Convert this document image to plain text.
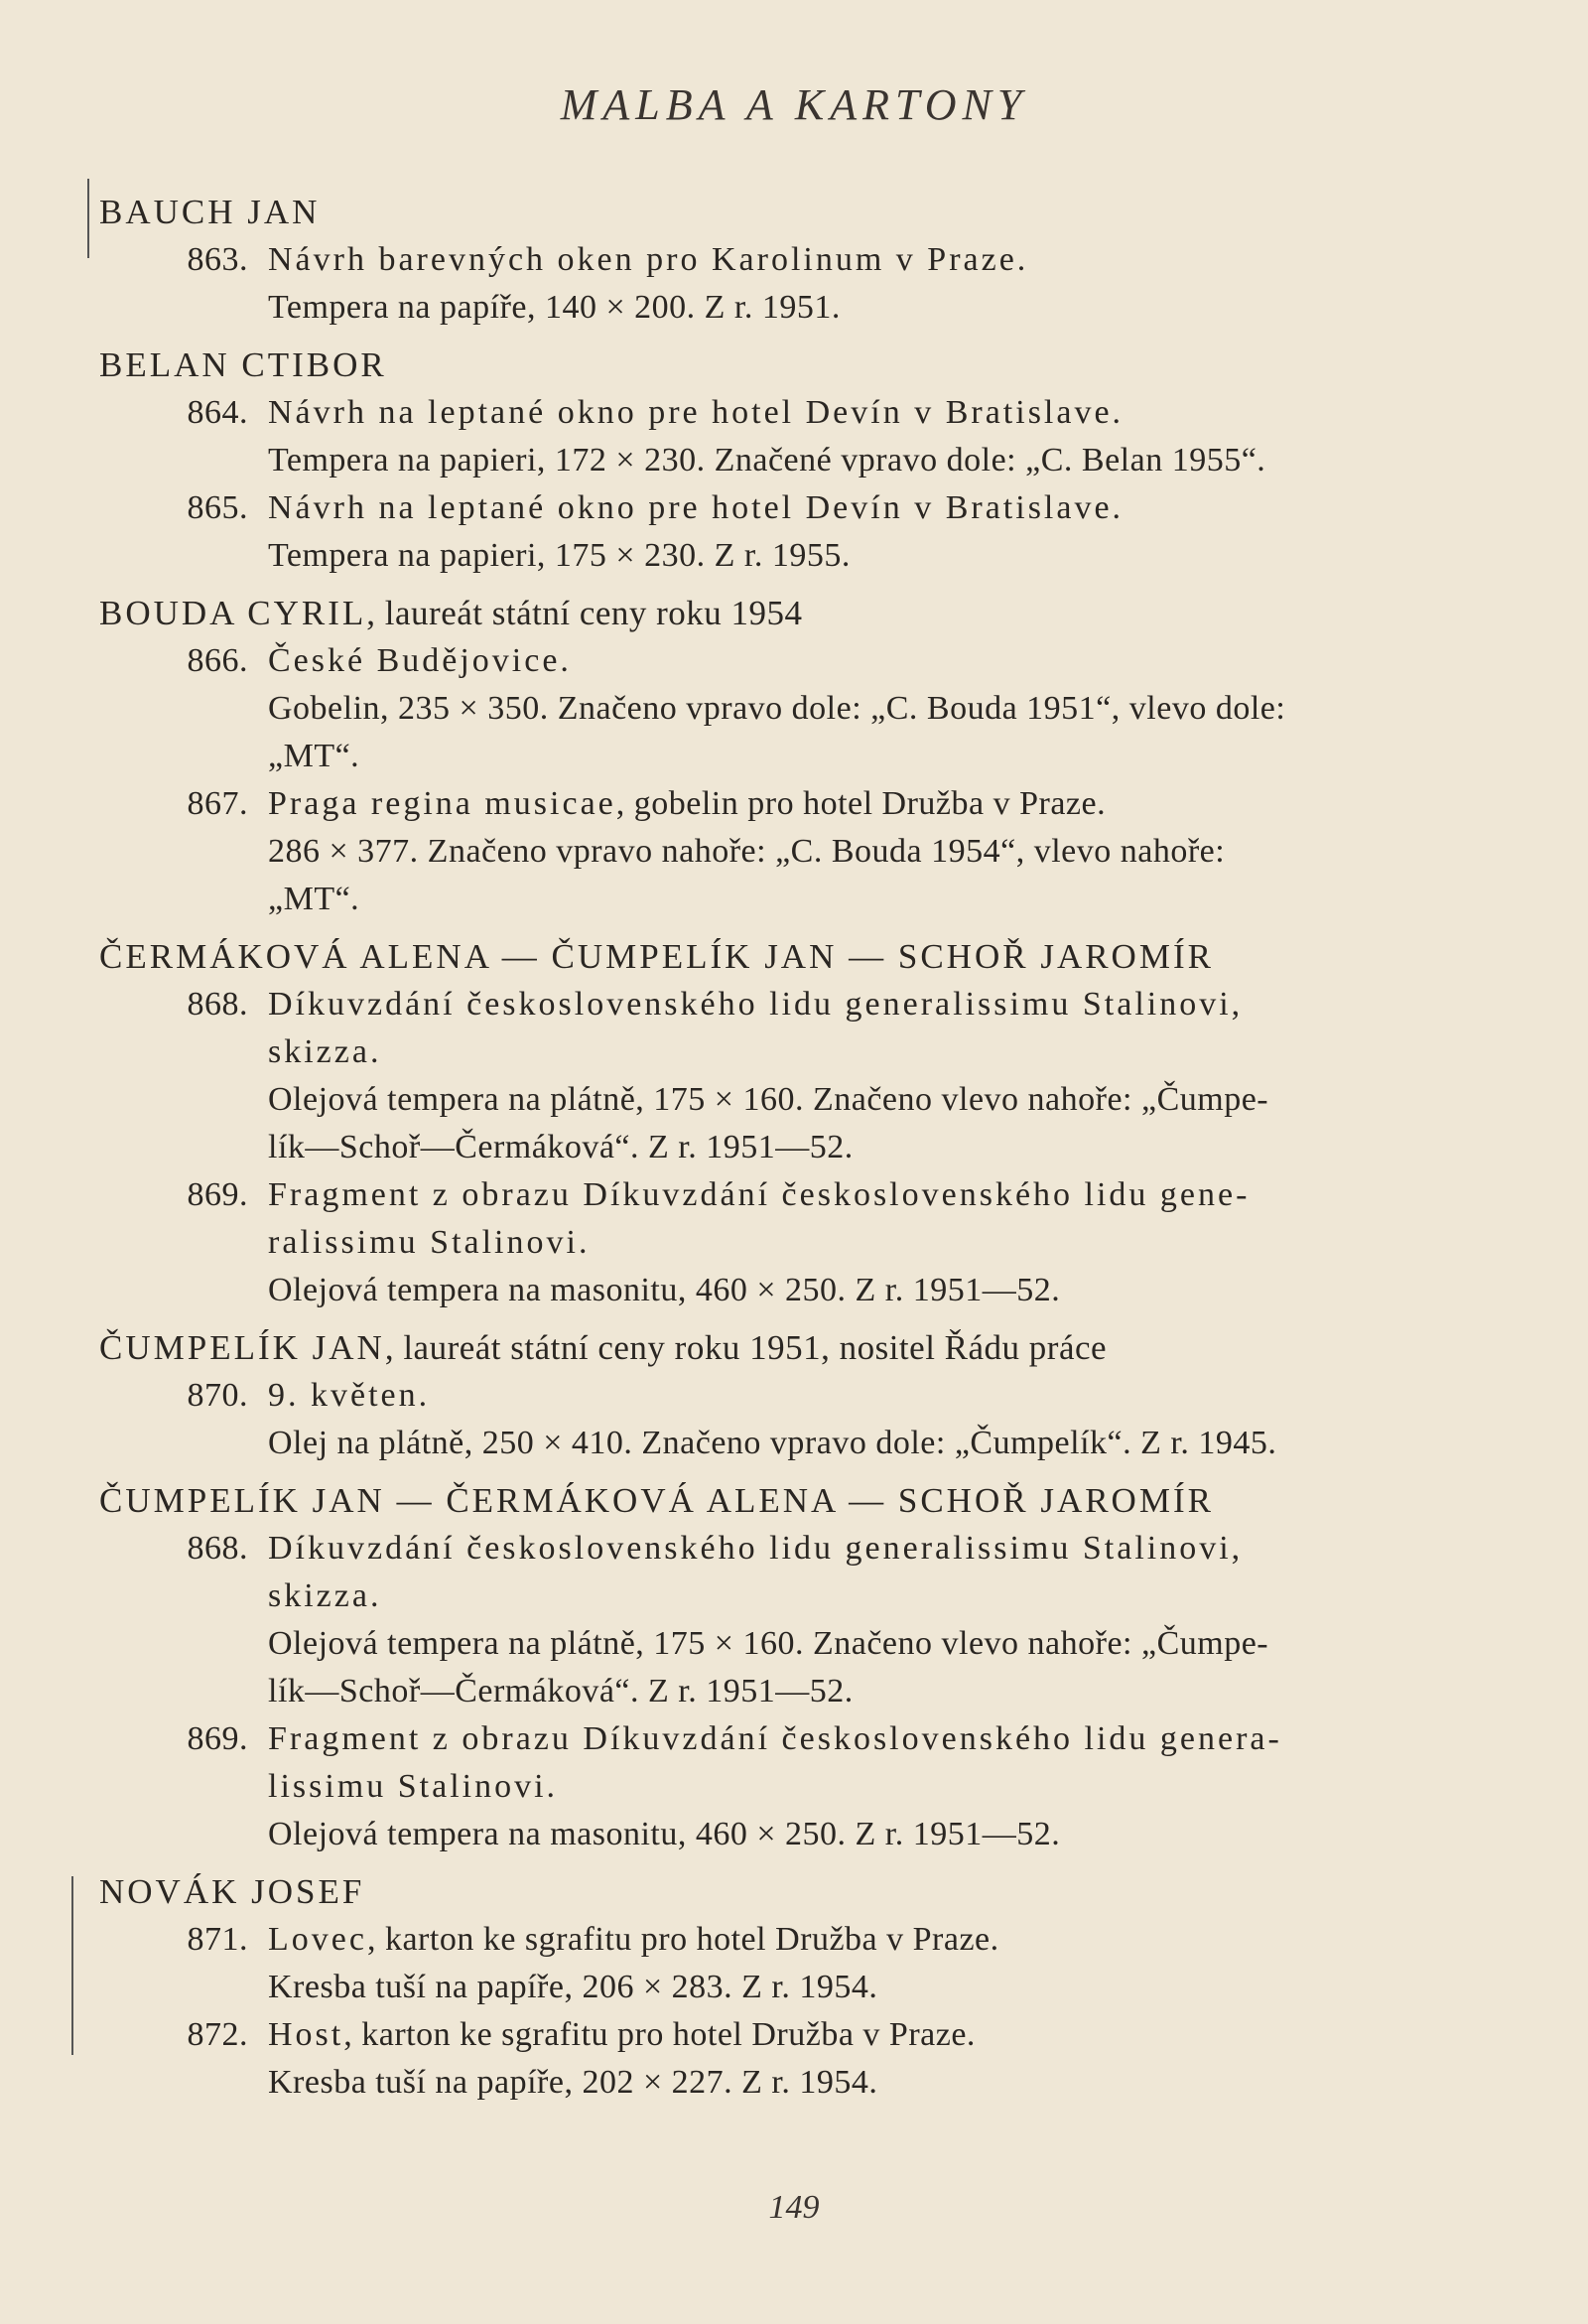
MALBA A KARTONY
BAUCH JAN
863. Návrh barevných oken pro Karolinum v Praze.
Tempera na papíře, 140 × 200. Z r. 1951.
BELAN CTIBOR
864. Návrh na leptané okno pre hotel Devín v Bratislave.
Tempera na papieri, 172 × 230. Značené vpravo dole: „C. Belan 1955“.
865. Návrh na leptané okno pre hotel Devín v Bratislave.
Tempera na papieri, 175 × 230. Z r. 1955.
BOUDA CYRIL, laureát státní ceny roku 1954
866. České Budějovice.
Gobelin, 235 × 350. Značeno vpravo dole: „C. Bouda 1951“, vlevo dole:
„MT“.
867. Praga regina musicae, gobelin pro hotel Družba v Praze.
286 × 377. Značeno vpravo nahoře: „C. Bouda 1954“, vlevo nahoře:
„MT“.
ČERMÁKOVÁ ALENA — ČUMPELÍK JAN — SCHOŘ JAROMÍR
868. Díkuvzdání československého lidu generalissimu Stalinovi,
skizza.
Olejová tempera na plátně, 175 × 160. Značeno vlevo nahoře: „Čumpe-
lík—Schoř—Čermáková“. Z r. 1951—52.
869. Fragment z obrazu Díkuvzdání československého lidu gene-
ralissimu Stalinovi.
Olejová tempera na masonitu, 460 × 250. Z r. 1951—52.
ČUMPELÍK JAN, laureát státní ceny roku 1951, nositel Řádu práce
870. 9. květen.
Olej na plátně, 250 × 410. Značeno vpravo dole: „Čumpelík“. Z r. 1945.
ČUMPELÍK JAN — ČERMÁKOVÁ ALENA — SCHOŘ JAROMÍR
868. Díkuvzdání československého lidu generalissimu Stalinovi,
skizza.
Olejová tempera na plátně, 175 × 160. Značeno vlevo nahoře: „Čumpe-
lík—Schoř—Čermáková“. Z r. 1951—52.
869. Fragment z obrazu Díkuvzdání československého lidu genera-
lissimu Stalinovi.
Olejová tempera na masonitu, 460 × 250. Z r. 1951—52.
NOVÁK JOSEF
871. Lovec, karton ke sgrafitu pro hotel Družba v Praze.
Kresba tuší na papíře, 206 × 283. Z r. 1954.
872. Host, karton ke sgrafitu pro hotel Družba v Praze.
Kresba tuší na papíře, 202 × 227. Z r. 1954.
149
